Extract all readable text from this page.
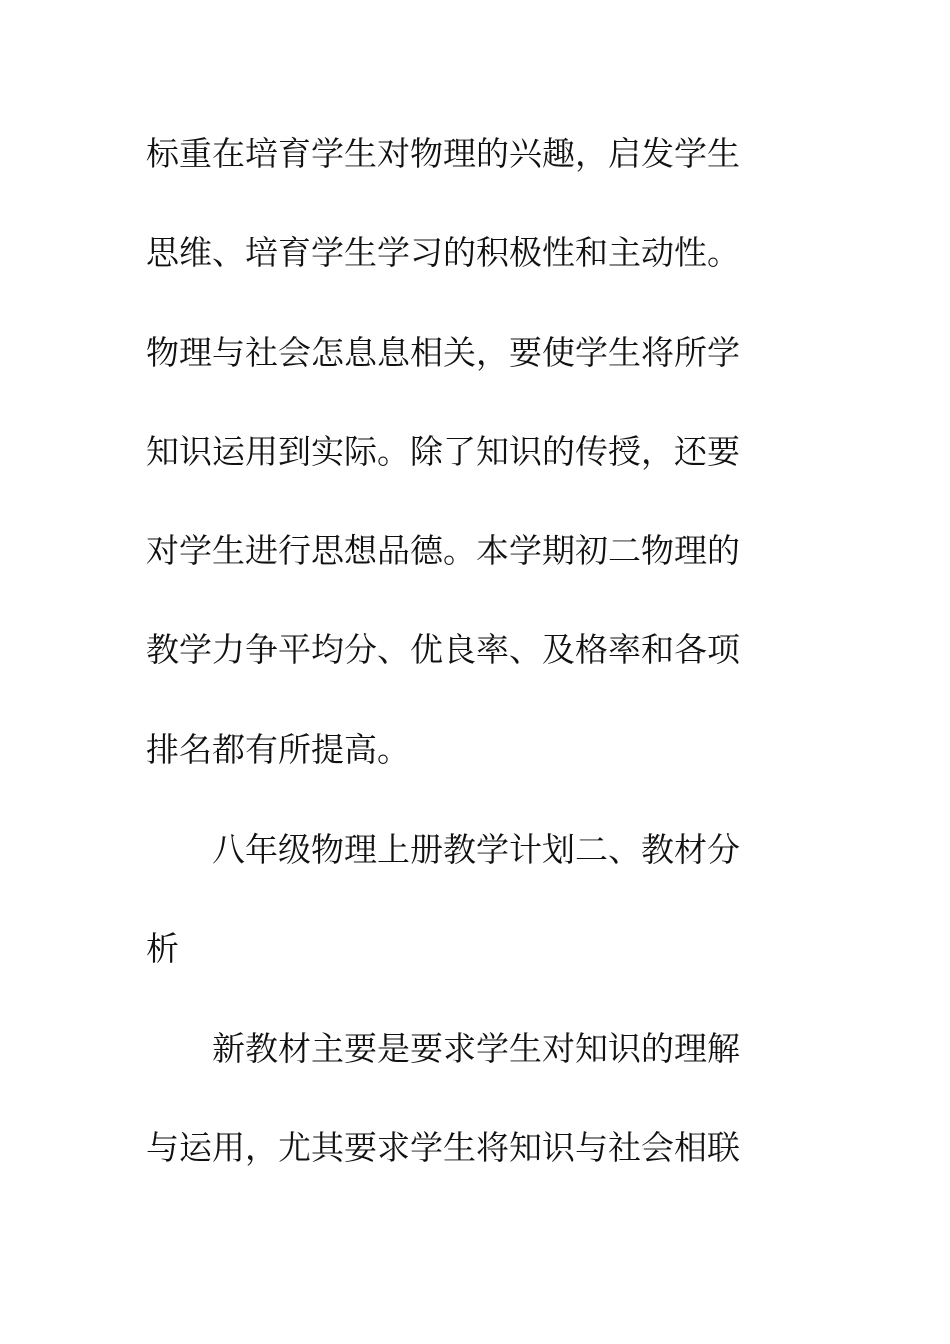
标重在培育学生对物理的兴趣，启发学生
思维、培育学生学习的积极性和主动性。
物理与社会怎息息相关，要使学生将所学
知识运用到实际。除了知识的传授，还要
对学生进行思想品德。本学期初二物理的
教学力争平均分、优良率、及格率和各项
排名都有所提高。
八年级物理上册教学计划二、教材分
析
新教材主要是要求学生对知识的理解
与运用，尤其要求学生将知识与社会相联
